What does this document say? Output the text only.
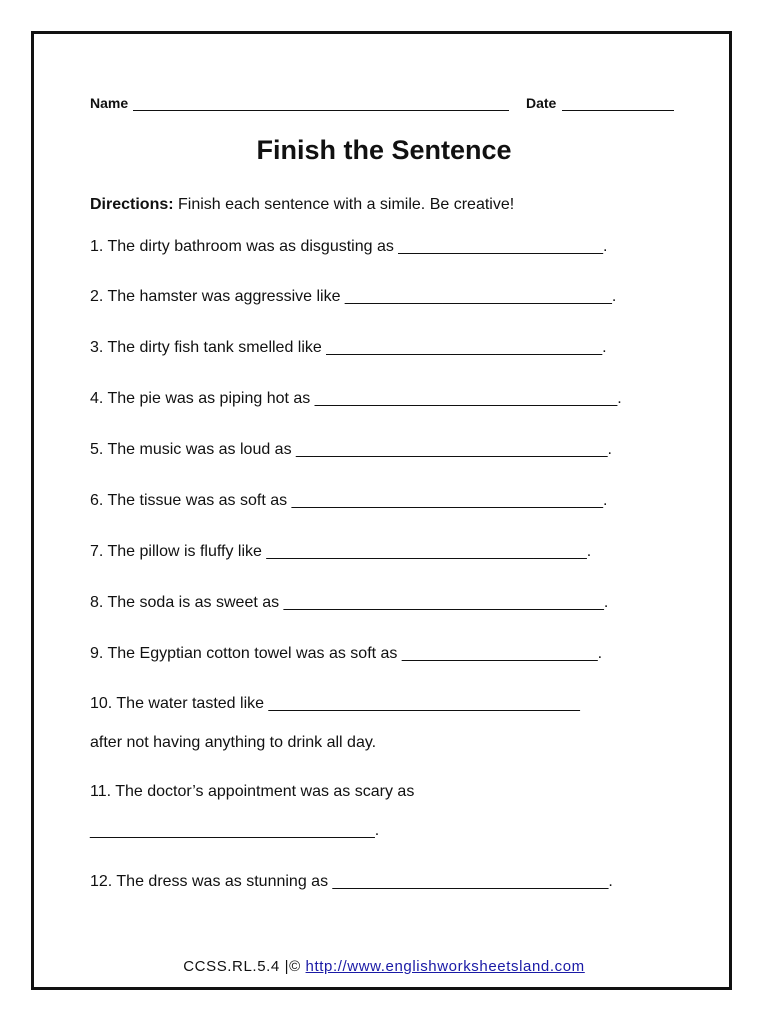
Name	Date
Finish the Sentence
Directions: Finish each sentence with a simile. Be creative!
1. The dirty bathroom was as disgusting as _______________________.
2. The hamster was aggressive like ______________________________.
3. The dirty fish tank smelled like _______________________________.
4. The pie was as piping hot as __________________________________.
5. The music was as loud as ___________________________________.
6. The tissue was as soft as ___________________________________.
7. The pillow is fluffy like ____________________________________.
8. The soda is as sweet as ____________________________________.
9. The Egyptian cotton towel was as soft as ______________________.
10. The water tasted like ___________________________________
after not having anything to drink all day.
11. The doctor’s appointment was as scary as
________________________________.
12. The dress was as stunning as _______________________________.
CCSS.RL.5.4 |© http://www.englishworksheetsland.com
